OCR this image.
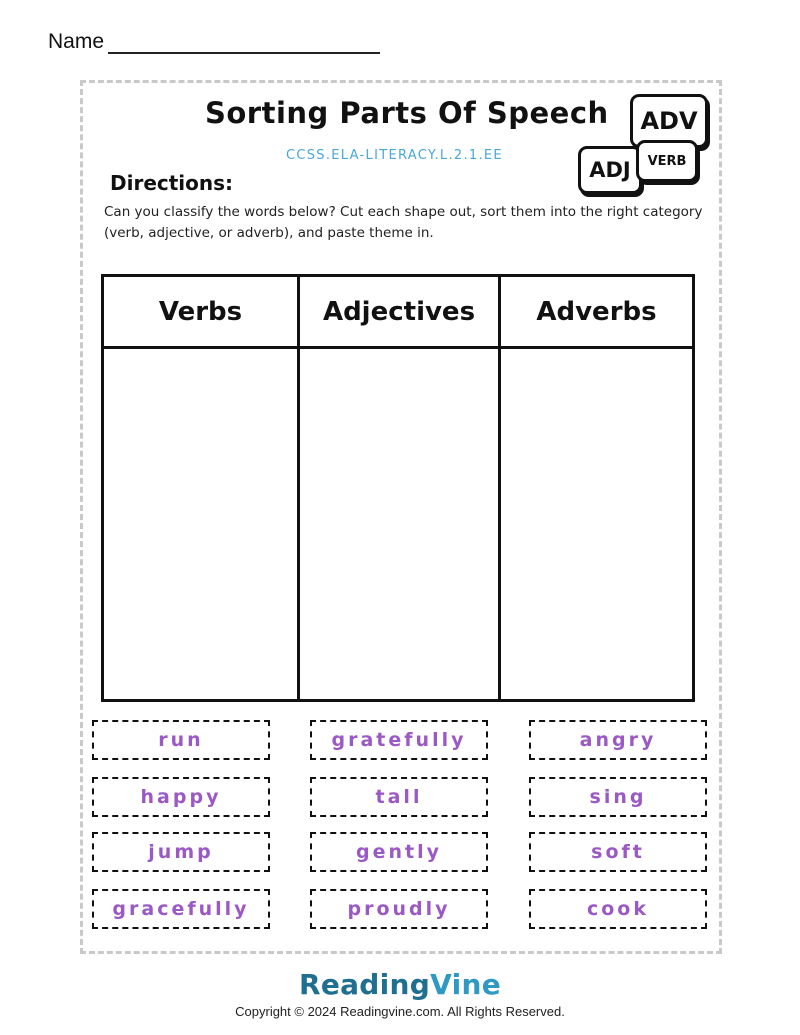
Name
Sorting Parts Of Speech
CCSS.ELA-LITERACY.L.2.1.EE
ADV
ADJ VERB
Directions:
Can you classify the words below? Cut each shape out, sort them into the right category (verb, adjective, or adverb), and paste theme in.
Verbs	Adjectives	Adverbs
run	gratefully	angry
happy	tall	sing
jump	gently	soft
gracefully	proudly	cook
ReadingVine
Copyright © 2024 Readingvine.com. All Rights Reserved.
